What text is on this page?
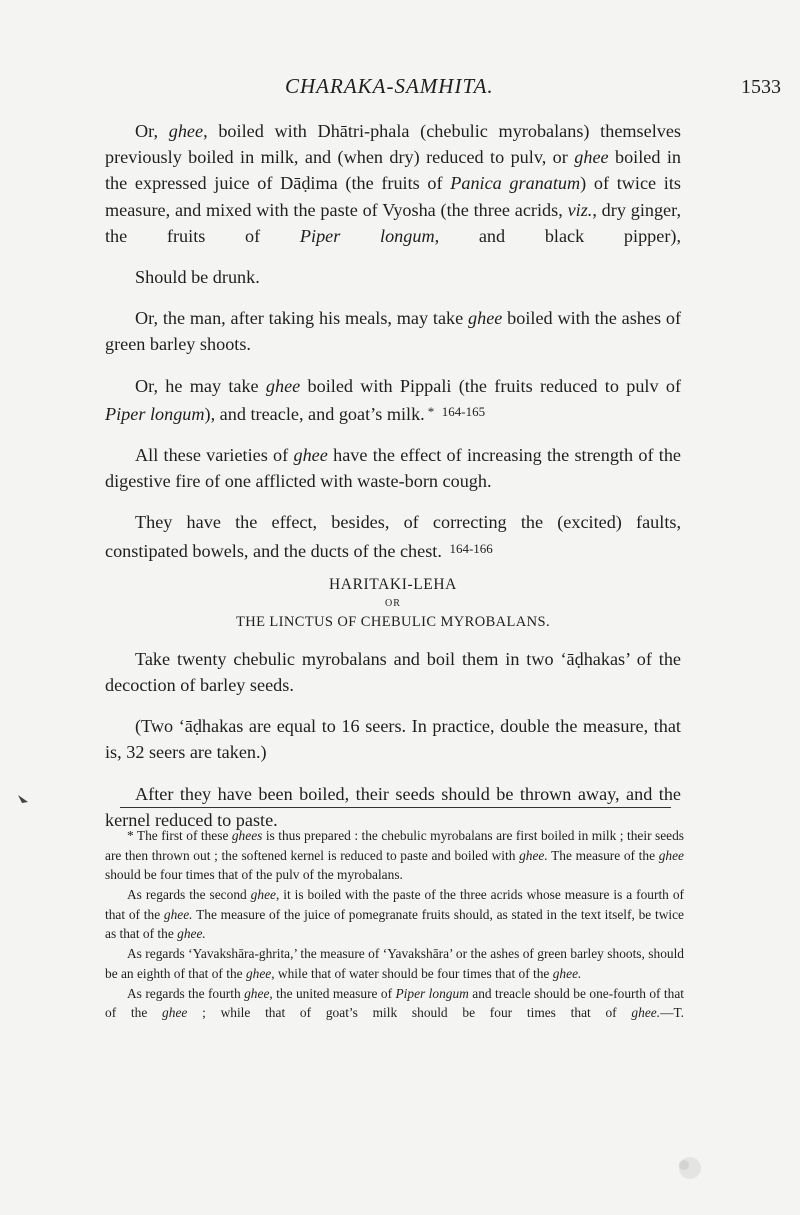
CHARAKA-SAMHITA.	1533

Or, ghee, boiled with Dhātri-phala (chebulic myrobalans) themselves previously boiled in milk, and (when dry) reduced to pulv, or ghee boiled in the expressed juice of Dāḍima (the fruits of Panica granatum) of twice its measure, and mixed with the paste of Vyosha (the three acrids, viz., dry ginger, the fruits of Piper longum, and black pipper),

Should be drunk.

Or, the man, after taking his meals, may take ghee boiled with the ashes of green barley shoots.

Or, he may take ghee boiled with Pippali (the fruits reduced to pulv of Piper longum), and treacle, and goat’s milk. * $^{164-165}$

All these varieties of ghee have the effect of increasing the strength of the digestive fire of one afflicted with waste-born cough.

They have the effect, besides, of correcting the (excited) faults, constipated bowels, and the ducts of the chest. $^{164-166}$

HARITAKI-LEHA
OR
THE LINCTUS OF CHEBULIC MYROBALANS.

Take twenty chebulic myrobalans and boil them in two ‘āḍhakas’ of the decoction of barley seeds.

(Two ‘āḍhakas are equal to 16 seers. In practice, double the measure, that is, 32 seers are taken.)

After they have been boiled, their seeds should be thrown away, and the kernel reduced to paste.

* The first of these ghees is thus prepared : the chebulic myrobalans are first boiled in milk ; their seeds are then thrown out ; the softened kernel is reduced to paste and boiled with ghee. The measure of the ghee should be four times that of the pulv of the myrobalans.

As regards the second ghee, it is boiled with the paste of the three acrids whose measure is a fourth of that of the ghee. The measure of the juice of pomegranate fruits should, as stated in the text itself, be twice as that of the ghee.

As regards ‘Yavakshāra-ghrita,’ the measure of ‘Yavakshāra’ or the ashes of green barley shoots, should be an eighth of that of the ghee, while that of water should be four times that of the ghee.

As regards the fourth ghee, the united measure of Piper longum and treacle should be one-fourth of that of the ghee ; while that of goat’s milk should be four times that of ghee.—T.
